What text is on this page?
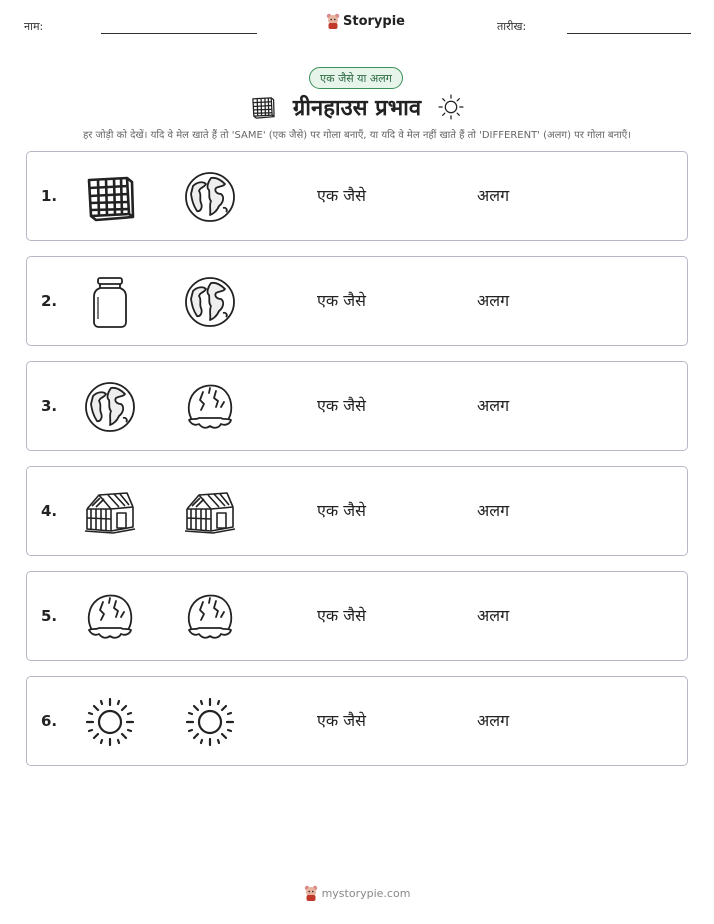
नाम:	Storypie	तारीख:
एक जैसे या अलग
ग्रीनहाउस प्रभाव
हर जोड़ी को देखें। यदि वे मेल खाते हैं तो 'SAME' (एक जैसे) पर गोला बनाएँ, या यदि वे मेल नहीं खाते हैं तो 'DIFFERENT' (अलग) पर गोला बनाएँ।
1.	एक जैसे	अलग
2.	एक जैसे	अलग
3.	एक जैसे	अलग
4.	एक जैसे	अलग
5.	एक जैसे	अलग
6.	एक जैसे	अलग
mystorypie.com
